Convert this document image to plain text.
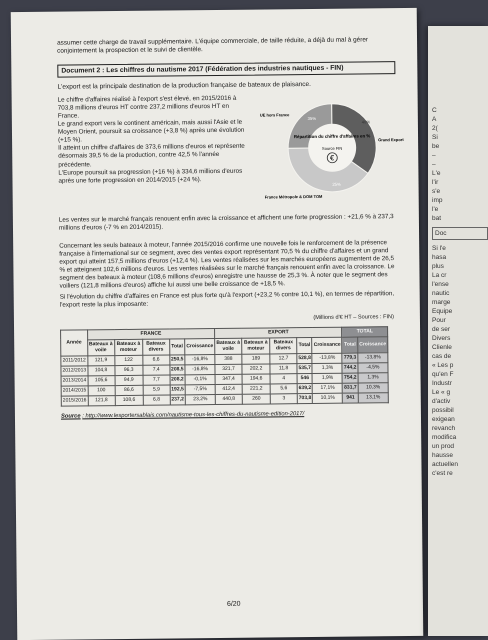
assumer cette charge de travail supplémentaire. L'équipe commerciale, de taille réduite, a déjà du mal à gérer conjointement la prospection et le suivi de clientèle.

Document 2 : Les chiffres du nautisme 2017 (Fédération des industries nautiques - FIN)

L'export est la principale destination de la production française de bateaux de plaisance.

Le chiffre d'affaires réalisé à l'export s'est élevé, en 2015/2016 à 703,8 millions d'euros HT contre 237,2 millions d'euros HT en France.

Le grand export vers le continent américain, mais aussi l'Asie et le Moyen Orient, poursuit sa croissance (+3,8 %) après une évolution (+15 %).

Il atteint un chiffre d'affaires de 373,6 millions d'euros et représente désormais 39,5 % de la production, contre 42,5 % l'année précédente.

L'Europe poursuit sa progression (+16 %) à 334,6 millions d'euros après une forte progression en 2014/2015 (+24 %).

Répartition du chiffre d'affaires en %
Source FIN
€
35%
40%
25%
UE hors France
Grand Export
France Métropole & DOM TOM

Les ventes sur le marché français renouent enfin avec la croissance et affichent une forte progression : +21,6 % à 237,3 millions d'euros (-7 % en 2014/2015).

Concernant les seuls bateaux à moteur, l'année 2015/2016 confirme une nouvelle fois le renforcement de la présence française à l'international sur ce segment, avec des ventes export représentant 70,5 % du chiffre d'affaires et un grand export qui atteint 157,5 millions d'euros (+12,4 %). Les ventes réalisées sur les marchés européens augmentent de 26,5 % et atteignent 102,6 millions d'euros. Les ventes réalisées sur le marché français renouent enfin avec la croissance. Le segment des bateaux à moteur (108,6 millions d'euros) enregistre une hausse de 25,3 %. À noter que le segment des voiliers (121,8 millions d'euros) affiche lui aussi une belle croissance de +18,5 %.

Si l'évolution du chiffre d'affaires en France est plus forte qu'à l'export (+23,2 % contre 10,1 %), en termes de répartition, l'export reste la plus imposante:

(Millions d'€ HT – Sources : FIN)

Année	FRANCE					EXPORT					TOTAL	
	Bateaux à voile	Bateaux à moteur	Bateaux divers	Total	Croissance	Bateaux à voile	Bateaux à moteur	Bateaux divers	Total	Croissance	Total	Croissance
2011/2012	121,9	122	6,6	250,5	-16,8%	388	189	12,7	528,8	-13,8%	779,3	-13,8%
2012/2013	104,8	96,3	7,4	208,5	-16,8%	321,7	202,2	11,8	535,7	1,3%	744,2	-4,5%
2013/2014	105,6	94,9	7,7	208,2	-0,1%	347,4	194,6	4	546	1,9%	754,2	1,3%
2014/2015	100	86,6	5,9	192,5	-7,5%	412,4	221,2	5,6	639,2	17,1%	831,7	10,3%
2015/2016	121,8	108,6	6,8	237,2	23,2%	440,8	260	3	703,8	10,1%	941	13,1%

Source : http://www.lesportersablais.com/nautisme-tous-les-chiffres-du-nautisme-edition-2017/

6/20
C
A
2(
Si
be
–
–
L'e
l'ir
s'e
imp
l'e
bat
Doc
Si l'e
hasa
plus
La cr
l'ense
nautic
marge
Equipe
Pour
de ser
Divers
Clienle
cas de
« Les p
qu'en F
Industr
Le « g
d'activ
possibil
exigean
revanch
modifica
un prod
hausse
actuellen
c'est re
